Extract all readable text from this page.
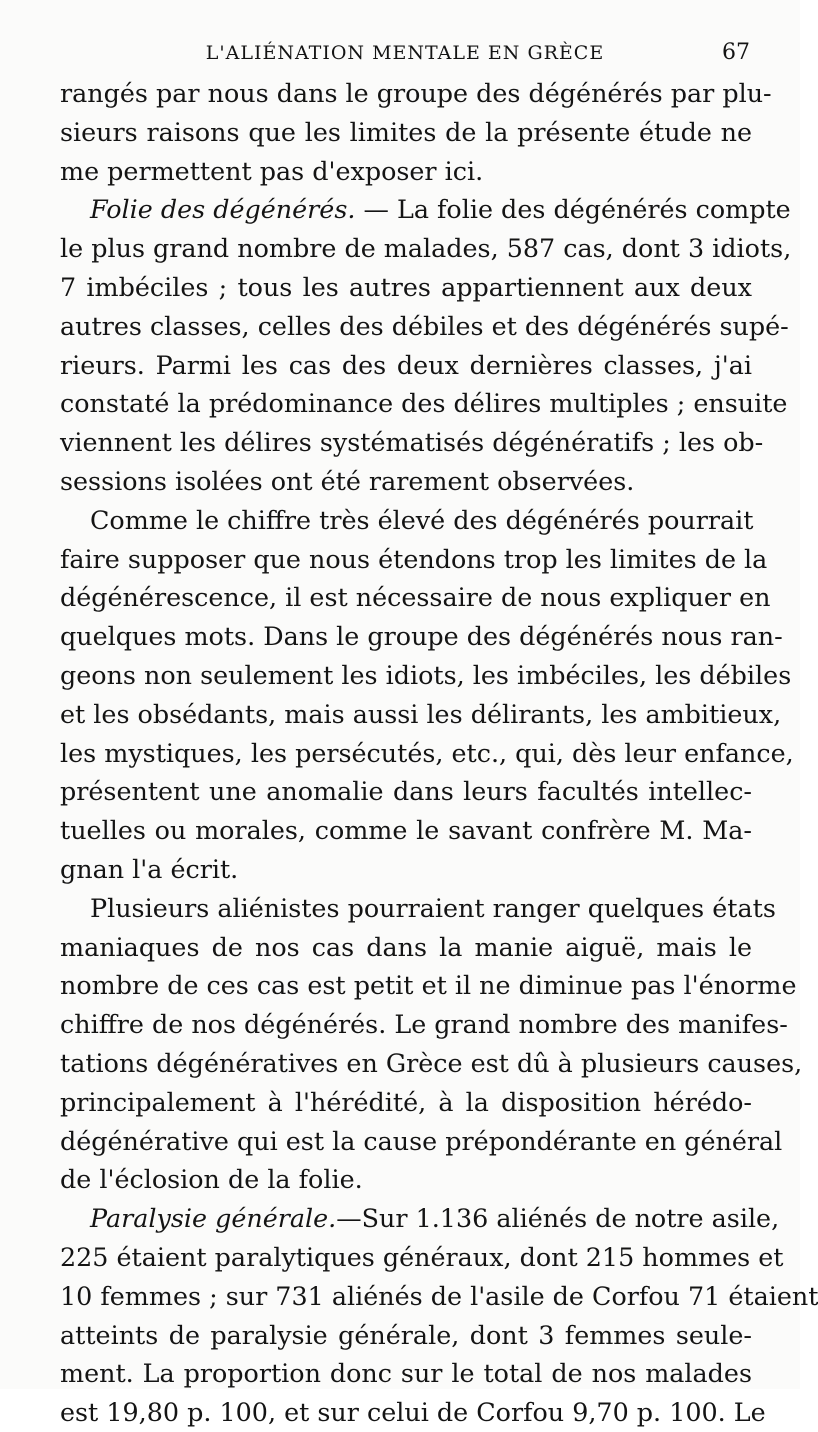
L'ALIÉNATION MENTALE EN GRÈCE	67
rangés par nous dans le groupe des dégénérés par plu-
sieurs raisons que les limites de la présente étude ne
me permettent pas d'exposer ici.
Folie des dégénérés. — La folie des dégénérés compte
le plus grand nombre de malades, 587 cas, dont 3 idiots,
7 imbéciles ; tous les autres appartiennent aux deux
autres classes, celles des débiles et des dégénérés supé-
rieurs. Parmi les cas des deux dernières classes, j'ai
constaté la prédominance des délires multiples ; ensuite
viennent les délires systématisés dégénératifs ; les ob-
sessions isolées ont été rarement observées.
Comme le chiffre très élevé des dégénérés pourrait
faire supposer que nous étendons trop les limites de la
dégénérescence, il est nécessaire de nous expliquer en
quelques mots. Dans le groupe des dégénérés nous ran-
geons non seulement les idiots, les imbéciles, les débiles
et les obsédants, mais aussi les délirants, les ambitieux,
les mystiques, les persécutés, etc., qui, dès leur enfance,
présentent une anomalie dans leurs facultés intellec-
tuelles ou morales, comme le savant confrère M. Ma-
gnan l'a écrit.
Plusieurs aliénistes pourraient ranger quelques états
maniaques de nos cas dans la manie aiguë, mais le
nombre de ces cas est petit et il ne diminue pas l'énorme
chiffre de nos dégénérés. Le grand nombre des manifes-
tations dégénératives en Grèce est dû à plusieurs causes,
principalement à l'hérédité, à la disposition hérédo-
dégénérative qui est la cause prépondérante en général
de l'éclosion de la folie.
Paralysie générale.—Sur 1.136 aliénés de notre asile,
225 étaient paralytiques généraux, dont 215 hommes et
10 femmes ; sur 731 aliénés de l'asile de Corfou 71 étaient
atteints de paralysie générale, dont 3 femmes seule-
ment. La proportion donc sur le total de nos malades
est 19,80 p. 100, et sur celui de Corfou 9,70 p. 100. Le
